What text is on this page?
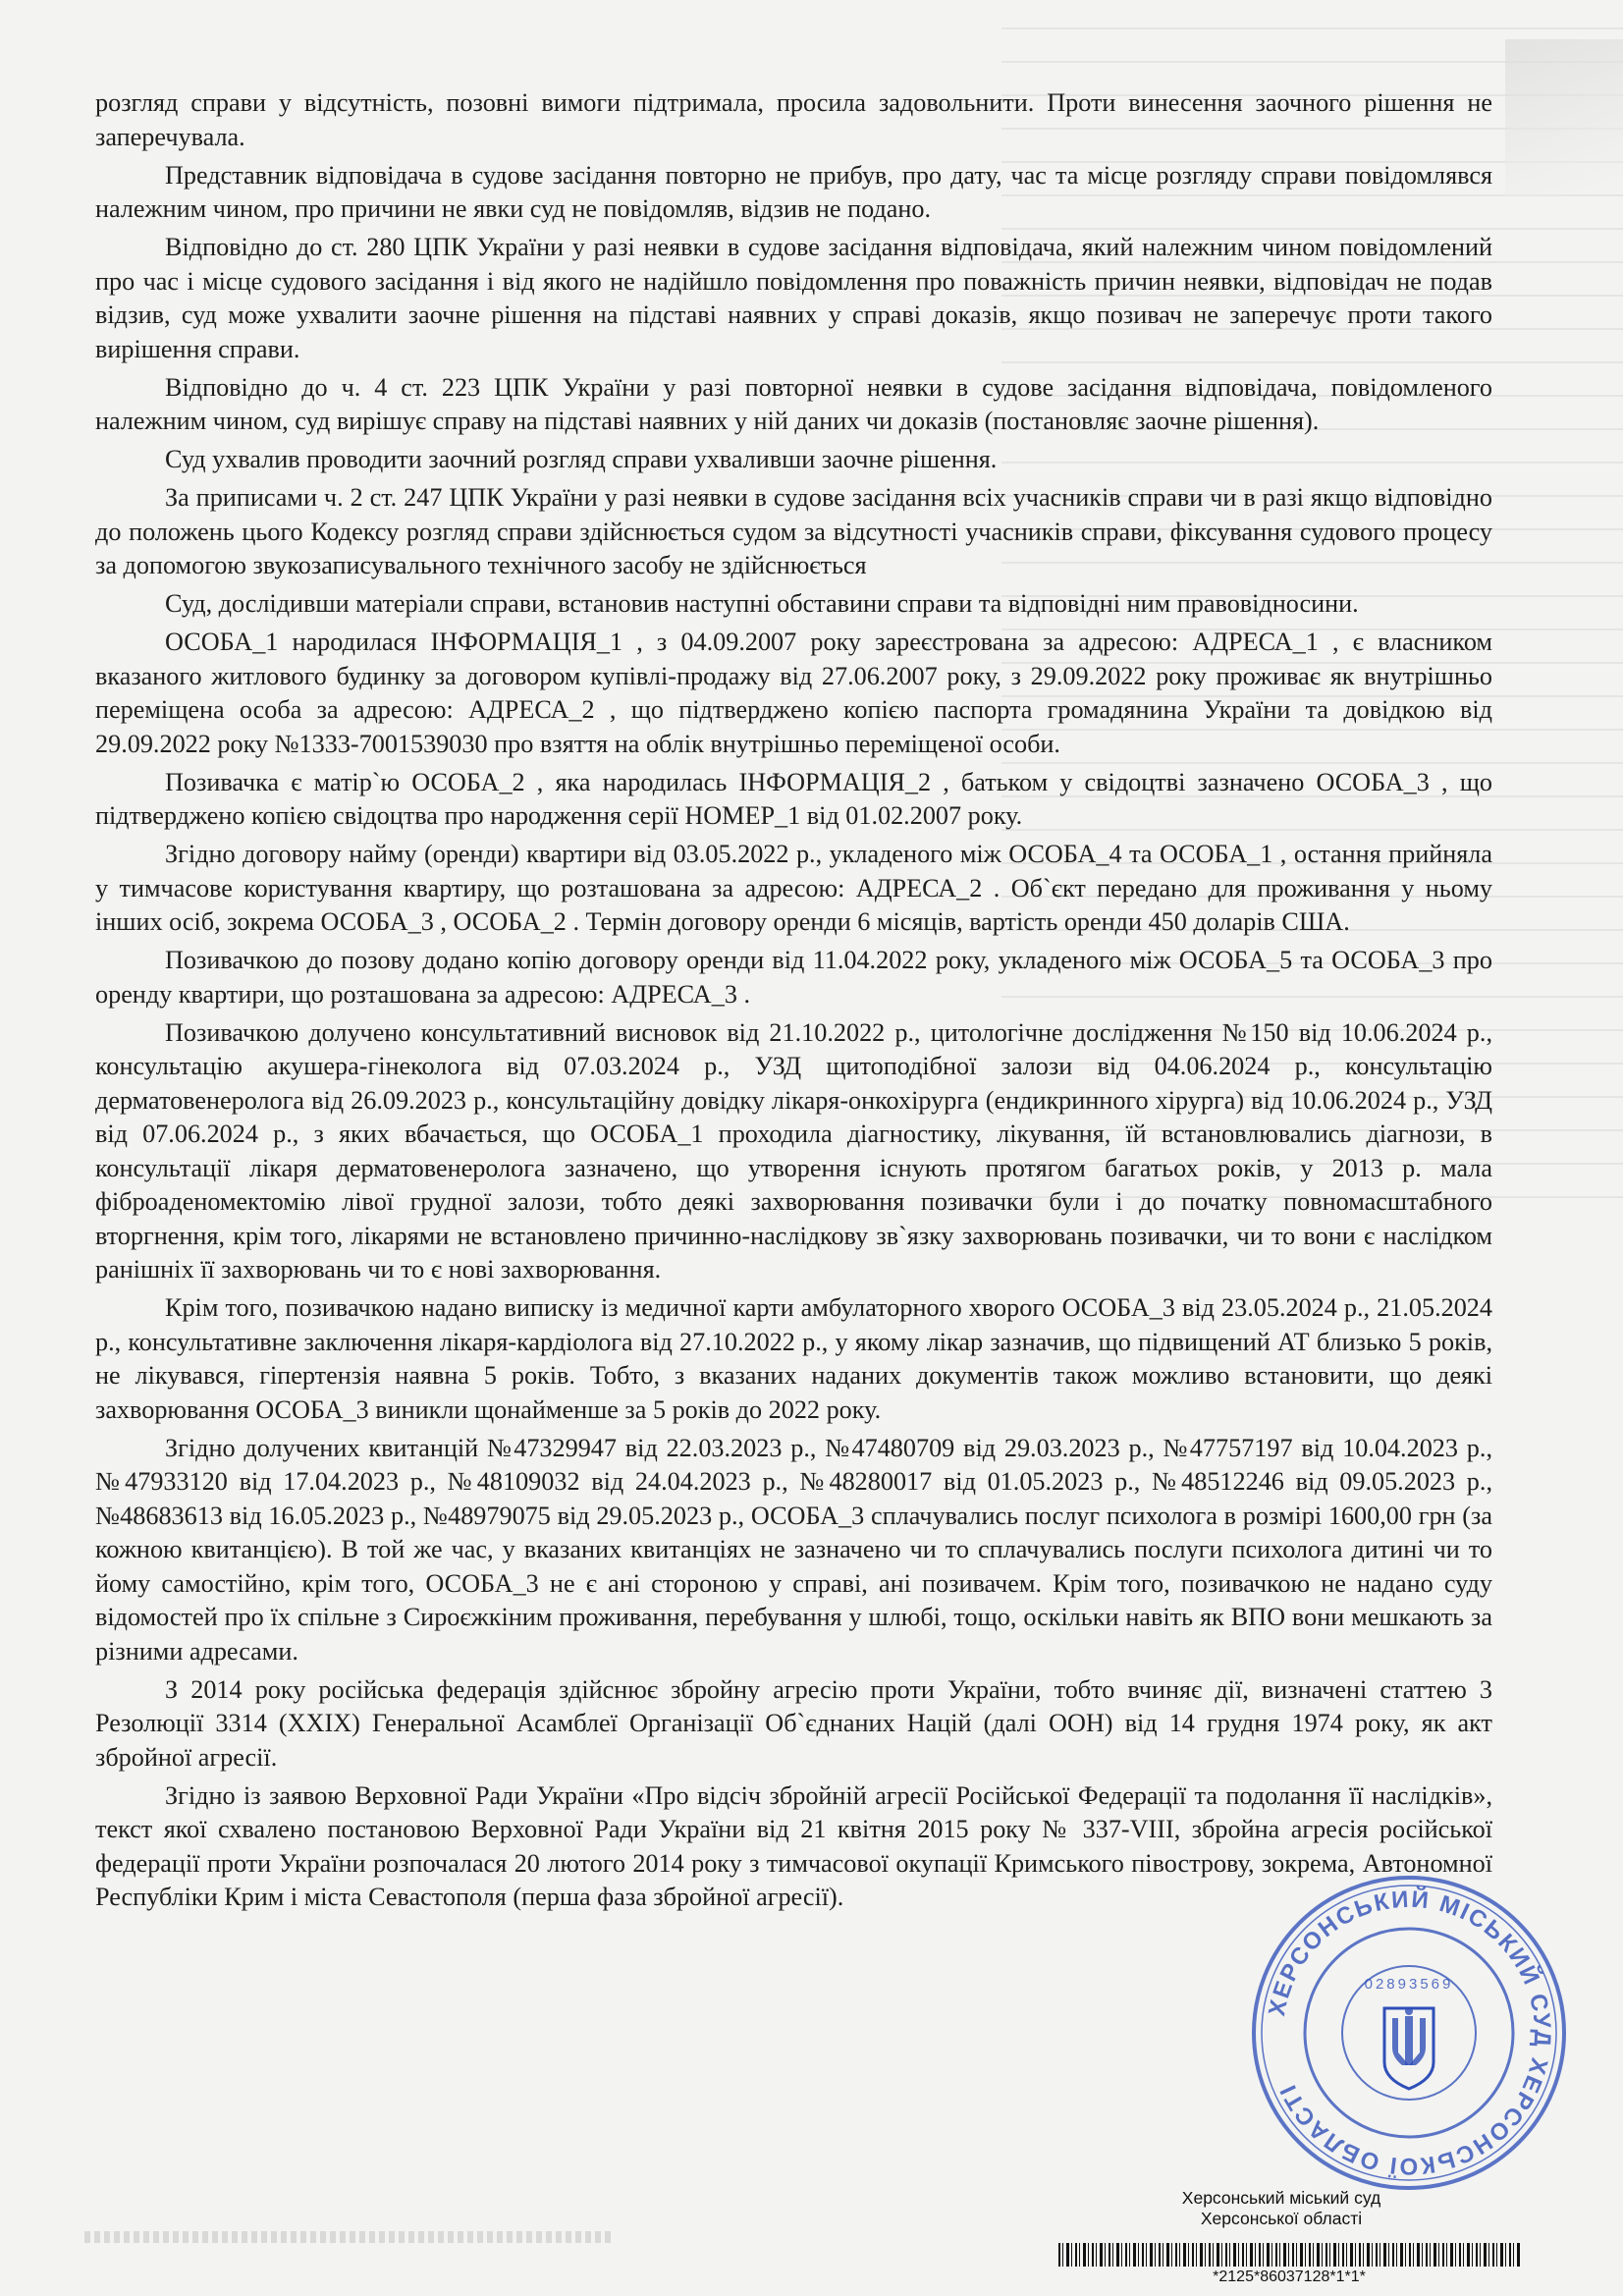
розгляд справи у відсутність, позовні вимоги підтримала, просила задовольнити. Проти винесення заочного рішення не заперечувала.

Представник відповідача в судове засідання повторно не прибув, про дату, час та місце розгляду справи повідомлявся належним чином, про причини не явки суд не повідомляв, відзив не подано.

Відповідно до ст. 280 ЦПК України у разі неявки в судове засідання відповідача, який належним чином повідомлений про час і місце судового засідання і від якого не надійшло повідомлення про поважність причин неявки, відповідач не подав відзив, суд може ухвалити заочне рішення на підставі наявних у справі доказів, якщо позивач не заперечує проти такого вирішення справи.

Відповідно до ч. 4 ст. 223 ЦПК України у разі повторної неявки в судове засідання відповідача, повідомленого належним чином, суд вирішує справу на підставі наявних у ній даних чи доказів (постановляє заочне рішення).

Суд ухвалив проводити заочний розгляд справи ухваливши заочне рішення.

За приписами ч. 2 ст. 247 ЦПК України у разі неявки в судове засідання всіх учасників справи чи в разі якщо відповідно до положень цього Кодексу розгляд справи здійснюється судом за відсутності учасників справи, фіксування судового процесу за допомогою звукозаписувального технічного засобу не здійснюється

Суд, дослідивши матеріали справи, встановив наступні обставини справи та відповідні ним правовідносини.

ОСОБА_1 народилася ІНФОРМАЦІЯ_1 , з 04.09.2007 року зареєстрована за адресою: АДРЕСА_1 , є власником вказаного житлового будинку за договором купівлі-продажу від 27.06.2007 року, з 29.09.2022 року проживає як внутрішньо переміщена особа за адресою: АДРЕСА_2 , що підтверджено копією паспорта громадянина України та довідкою від 29.09.2022 року №1333-7001539030 про взяття на облік внутрішньо переміщеної особи.

Позивачка є матір`ю ОСОБА_2 , яка народилась ІНФОРМАЦІЯ_2 , батьком у свідоцтві зазначено ОСОБА_3 , що підтверджено копією свідоцтва про народження серії НОМЕР_1 від 01.02.2007 року.

Згідно договору найму (оренди) квартири від 03.05.2022 р., укладеного між ОСОБА_4 та ОСОБА_1 , остання прийняла у тимчасове користування квартиру, що розташована за адресою: АДРЕСА_2 . Об`єкт передано для проживання у ньому інших осіб, зокрема ОСОБА_3 , ОСОБА_2 . Термін договору оренди 6 місяців, вартість оренди 450 доларів США.

Позивачкою до позову додано копію договору оренди від 11.04.2022 року, укладеного між ОСОБА_5 та ОСОБА_3 про оренду квартири, що розташована за адресою: АДРЕСА_3 .

Позивачкою долучено консультативний висновок від 21.10.2022 р., цитологічне дослідження №150 від 10.06.2024 р., консультацію акушера-гінеколога від 07.03.2024 р., УЗД щитоподібної залози від 04.06.2024 р., консультацію дерматовенеролога від 26.09.2023 р., консультаційну довідку лікаря-онкохірурга (ендикринного хірурга) від 10.06.2024 р., УЗД від 07.06.2024 р., з яких вбачається, що ОСОБА_1 проходила діагностику, лікування, їй встановлювались діагнози, в консультації лікаря дерматовенеролога зазначено, що утворення існують протягом багатьох років, у 2013 р. мала фіброаденомектомію лівої грудної залози, тобто деякі захворювання позивачки були і до початку повномасштабного вторгнення, крім того, лікарями не встановлено причинно-наслідкову зв`язку захворювань позивачки, чи то вони є наслідком ранішніх її захворювань чи то є нові захворювання.

Крім того, позивачкою надано виписку із медичної карти амбулаторного хворого ОСОБА_3 від 23.05.2024 р., 21.05.2024 р., консультативне заключення лікаря-кардіолога від 27.10.2022 р., у якому лікар зазначив, що підвищений АТ близько 5 років, не лікувався, гіпертензія наявна 5 років. Тобто, з вказаних наданих документів також можливо встановити, що деякі захворювання ОСОБА_3 виникли щонайменше за 5 років до 2022 року.

Згідно долучених квитанцій №47329947 від 22.03.2023 р., №47480709 від 29.03.2023 р., №47757197 від 10.04.2023 р., №47933120 від 17.04.2023 р., №48109032 від 24.04.2023 р., №48280017 від 01.05.2023 р., №48512246 від 09.05.2023 р., №48683613 від 16.05.2023 р., №48979075 від 29.05.2023 р., ОСОБА_3 сплачувались послуг психолога в розмірі 1600,00 грн (за кожною квитанцією). В той же час, у вказаних квитанціях не зазначено чи то сплачувались послуги психолога дитині чи то йому самостійно, крім того, ОСОБА_3 не є ані стороною у справі, ані позивачем. Крім того, позивачкою не надано суду відомостей про їх спільне з Сироєжкіним проживання, перебування у шлюбі, тощо, оскільки навіть як ВПО вони мешкають за різними адресами.

З 2014 року російська федерація здійснює збройну агресію проти України, тобто вчиняє дії, визначені статтею 3 Резолюції 3314 (XXIX) Генеральної Асамблеї Організації Об`єднаних Націй (далі ООН) від 14 грудня 1974 року, як акт збройної агресії.

Згідно із заявою Верховної Ради України «Про відсіч збройній агресії Російської Федерації та подолання її наслідків», текст якої схвалено постановою Верховної Ради України від 21 квітня 2015 року № 337-VIII, збройна агресія російської федерації проти України розпочалася 20 лютого 2014 року з тимчасової окупації Кримського півострову, зокрема, Автономної Республіки Крим і міста Севастополя (перша фаза збройної агресії).

ХЕРСОНСЬКИЙ МІСЬКИЙ СУД ХЕРСОНСЬКОЇ ОБЛАСТІ
02893569
Херсонський міський суд
Херсонської області
*2125*86037128*1*1*
